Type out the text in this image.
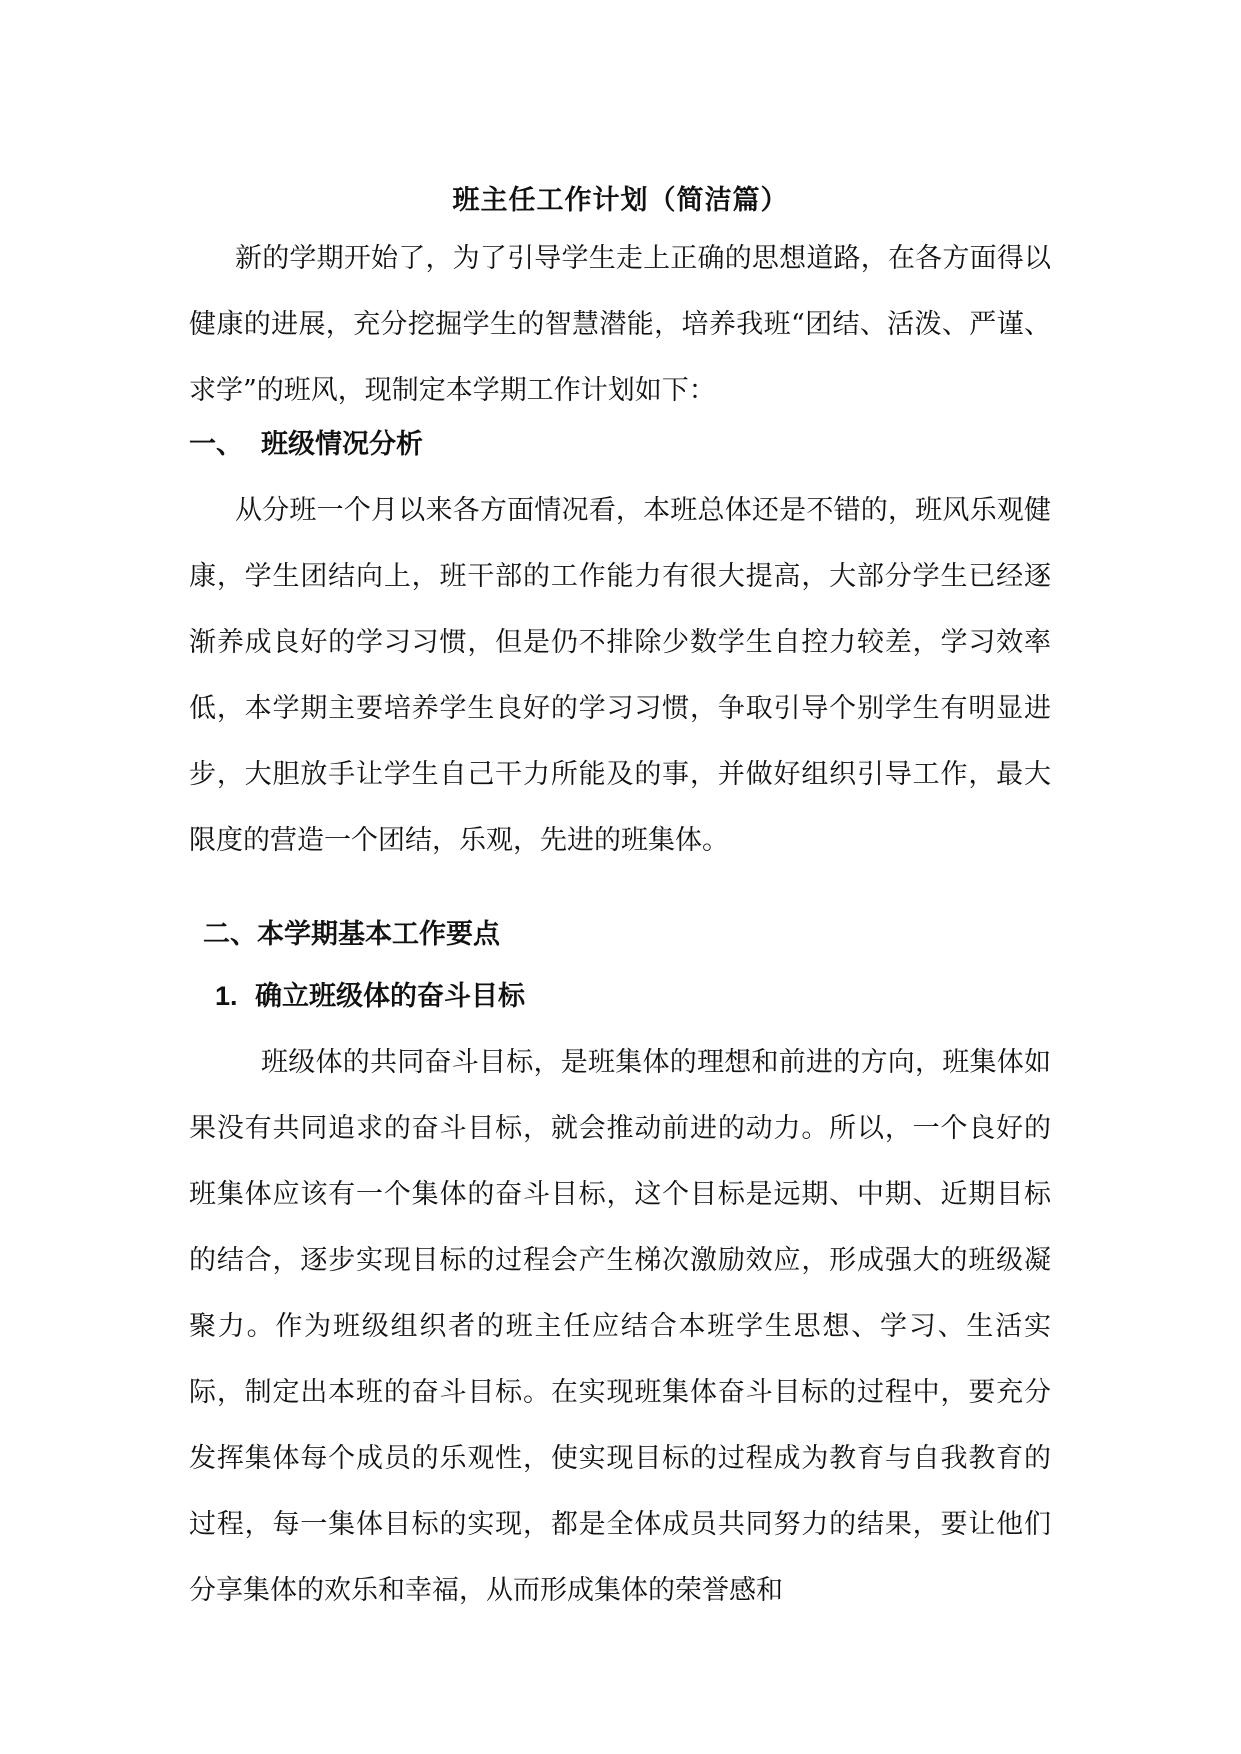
班主任工作计划（简洁篇）

新的学期开始了，为了引导学生走上正确的思想道路，在各方面得以健康的进展，充分挖掘学生的智慧潜能，培养我班“团结、活泼、严谨、求学”的班风，现制定本学期工作计划如下：

一、 班级情况分析

从分班一个月以来各方面情况看，本班总体还是不错的，班风乐观健康，学生团结向上，班干部的工作能力有很大提高，大部分学生已经逐渐养成良好的学习习惯，但是仍不排除少数学生自控力较差，学习效率低，本学期主要培养学生良好的学习习惯，争取引导个别学生有明显进步，大胆放手让学生自己干力所能及的事，并做好组织引导工作，最大限度的营造一个团结，乐观，先进的班集体。

二、本学期基本工作要点
1. 确立班级体的奋斗目标

班级体的共同奋斗目标，是班集体的理想和前进的方向，班集体如果没有共同追求的奋斗目标，就会推动前进的动力。所以，一个良好的班集体应该有一个集体的奋斗目标，这个目标是远期、中期、近期目标的结合，逐步实现目标的过程会产生梯次激励效应，形成强大的班级凝聚力。作为班级组织者的班主任应结合本班学生思想、学习、生活实际，制定出本班的奋斗目标。在实现班集体奋斗目标的过程中，要充分发挥集体每个成员的乐观性，使实现目标的过程成为教育与自我教育的过程，每一集体目标的实现，都是全体成员共同努力的结果，要让他们分享集体的欢乐和幸福，从而形成集体的荣誉感和
